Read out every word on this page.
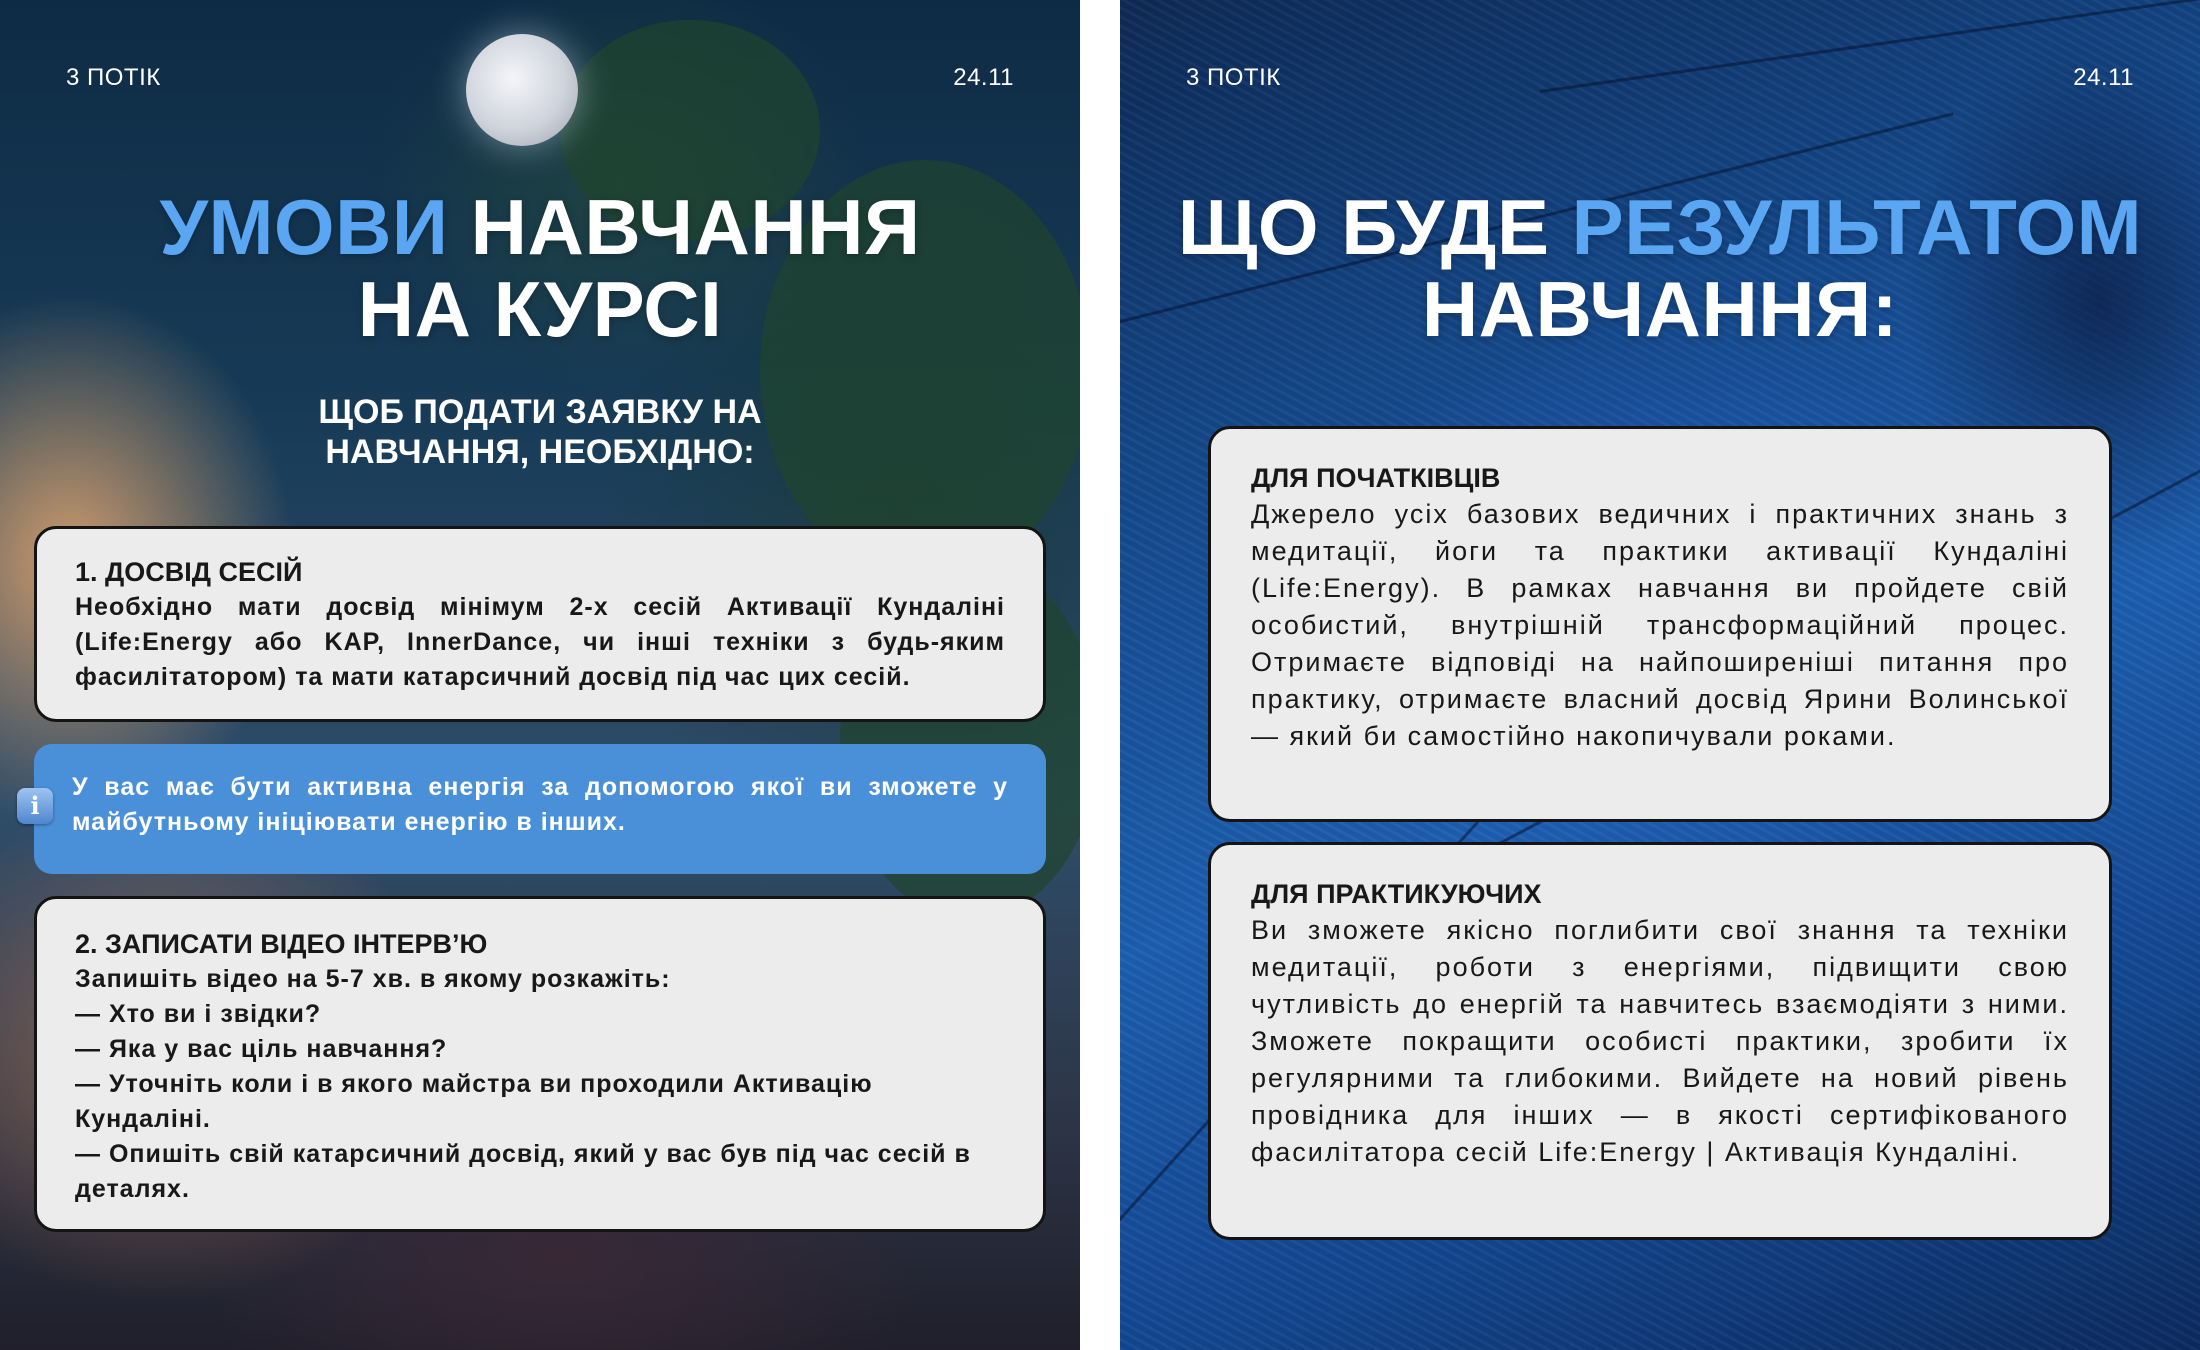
3 ПОТІК	24.11
УМОВИ НАВЧАННЯ
НА КУРСІ

ЩОБ ПОДАТИ ЗАЯВКУ НА
НАВЧАННЯ, НЕОБХІДНО:

1. ДОСВІД СЕСІЙ

Необхідно мати досвід мінімум 2-х сесій Активації Кундаліні (Life:Energy або KAP, InnerDance, чи інші техніки з будь-яким фасилітатором) та мати катарсичний досвід під час цих сесій.

У вас має бути активна енергія за допомогою якої ви зможете у майбутньому ініціювати енергію в інших.

i

2. ЗАПИСАТИ ВІДЕО ІНТЕРВ’Ю

Запишіть відео на 5-7 хв. в якому розкажіть:

— Хто ви і звідки?

— Яка у вас ціль навчання?

— Уточніть коли і в якого майстра ви проходили Активацію Кундаліні.

— Опишіть свій катарсичний досвід, який у вас був під час сесій в деталях.

3 ПОТІК	24.11
ЩО БУДЕ РЕЗУЛЬТАТОМ
НАВЧАННЯ:

ДЛЯ ПОЧАТКІВЦІВ

Джерело усіх базових ведичних і практичних знань з медитації, йоги та практики активації Кундаліні (Life:Energy). В рамках навчання ви пройдете свій особистий, внутрішній трансформаційний процес. Отримаєте відповіді на найпоширеніші питання про практику, отримаєте власний досвід Ярини Волинської — який би самостійно накопичували роками.

ДЛЯ ПРАКТИКУЮЧИХ

Ви зможете якісно поглибити свої знання та техніки медитації, роботи з енергіями, підвищити свою чутливість до енергій та навчитесь взаємодіяти з ними. Зможете покращити особисті практики, зробити їх регулярними та глибокими. Вийдете на новий рівень провідника для інших — в якості сертифікованого фасилітатора сесій Life:Energy | Активація Кундаліні.
